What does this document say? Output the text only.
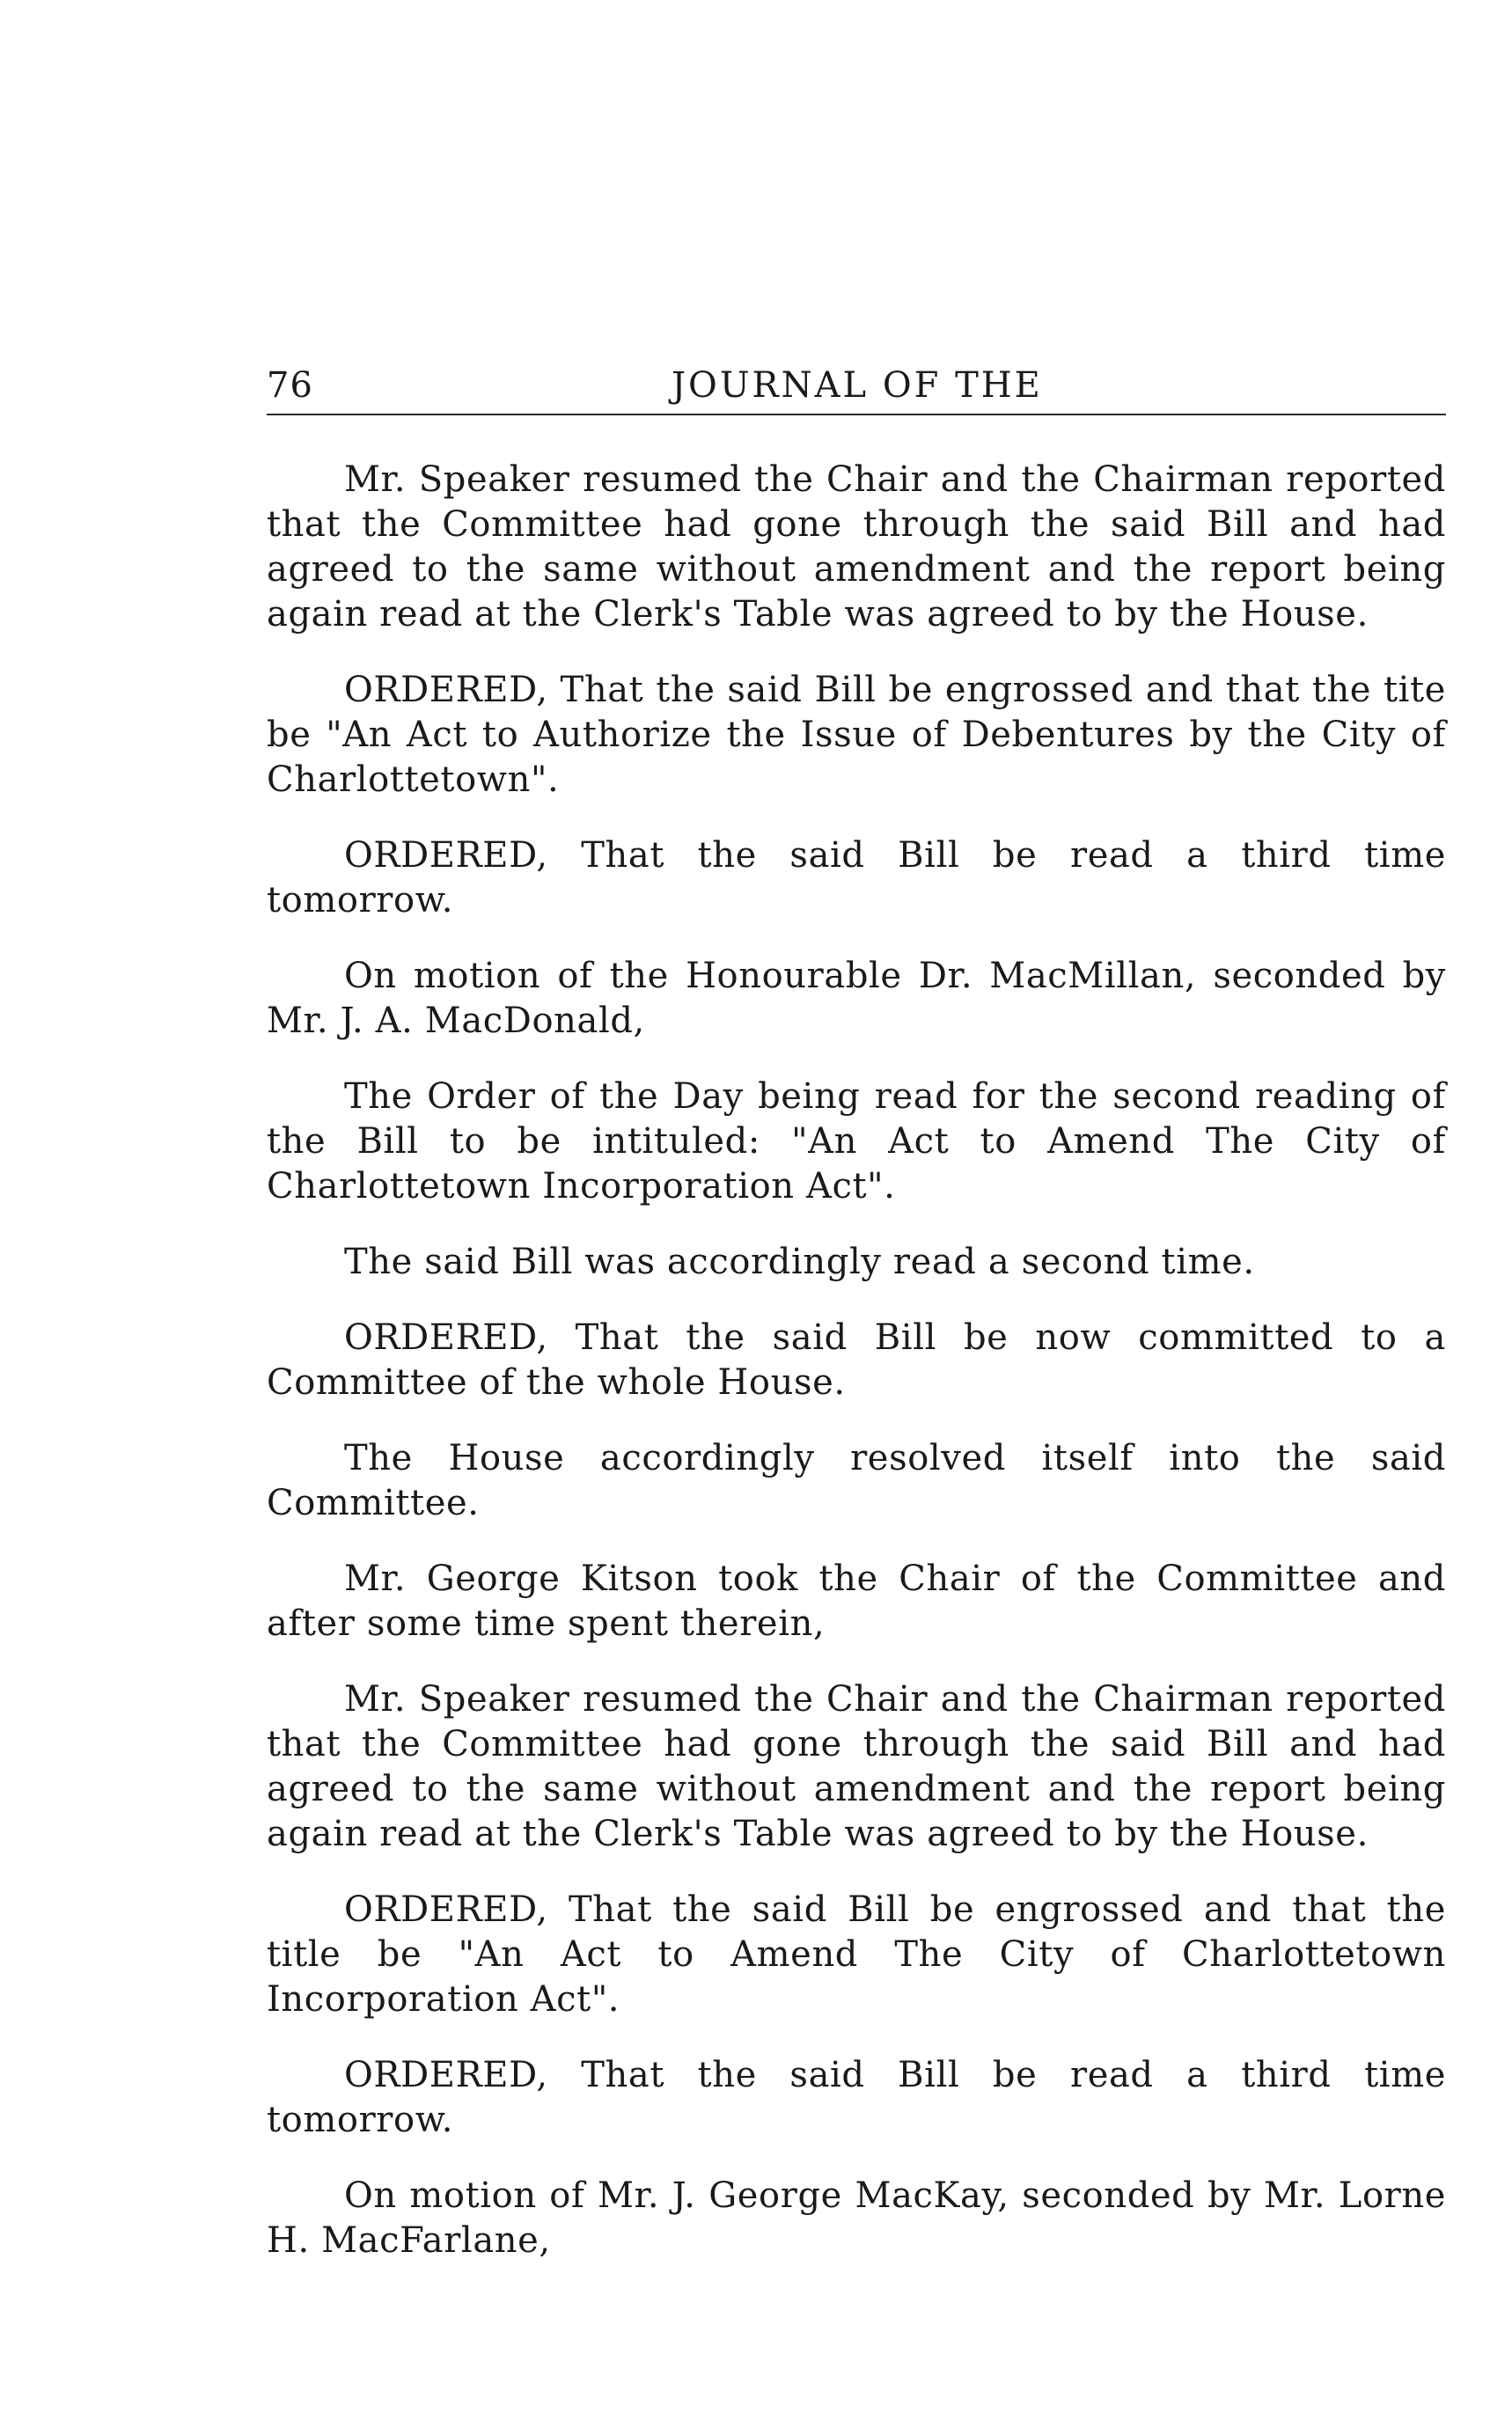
76	JOURNAL OF THE

Mr. Speaker resumed the Chair and the Chairman reported that the Committee had gone through the said Bill and had agreed to the same without amendment and the report being again read at the Clerk's Table was agreed to by the House.

ORDERED, That the said Bill be engrossed and that the tite be "An Act to Authorize the Issue of Debentures by the City of Charlottetown".

ORDERED, That the said Bill be read a third time tomorrow.

On motion of the Honourable Dr. MacMillan, seconded by Mr. J. A. MacDonald,

The Order of the Day being read for the second reading of the Bill to be intituled: "An Act to Amend The City of Charlottetown Incorporation Act".

The said Bill was accordingly read a second time.

ORDERED, That the said Bill be now committed to a Committee of the whole House.

The House accordingly resolved itself into the said Committee.

Mr. George Kitson took the Chair of the Committee and after some time spent therein,

Mr. Speaker resumed the Chair and the Chairman reported that the Committee had gone through the said Bill and had agreed to the same without amendment and the report being again read at the Clerk's Table was agreed to by the House.

ORDERED, That the said Bill be engrossed and that the title be "An Act to Amend The City of Charlottetown Incorporation Act".

ORDERED, That the said Bill be read a third time tomorrow.

On motion of Mr. J. George MacKay, seconded by Mr. Lorne H. MacFarlane,
